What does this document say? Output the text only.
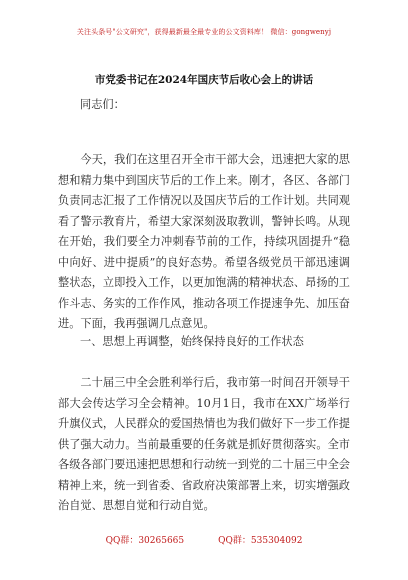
关注头条号"公文研究"，获得最新最全最专业的公文资料库！ 微信：gongwenyj
市党委书记在2024年国庆节后收心会上的讲话
同志们：

今天，我们在这里召开全市干部大会，迅速把大家的思想和精力集中到国庆节后的工作上来。刚才，各区、各部门负责同志汇报了工作情况以及国庆节后的工作计划。共同观看了警示教育片，希望大家深刻汲取教训，警钟长鸣。从现在开始，我们要全力冲刺春节前的工作，持续巩固提升“稳中向好、进中提质”的良好态势。希望各级党员干部迅速调整状态，立即投入工作，以更加饱满的精神状态、昂扬的工作斗志、务实的工作作风，推动各项工作提速争先、加压奋进。下面，我再强调几点意见。

一、思想上再调整，始终保持良好的工作状态

二十届三中全会胜利举行后，我市第一时间召开领导干部大会传达学习全会精神。10月1日，我市在XX广场举行升旗仪式，人民群众的爱国热情也为我们做好下一步工作提供了强大动力。当前最重要的任务就是抓好贯彻落实。全市各级各部门要迅速把思想和行动统一到党的二十届三中全会精神上来，统一到省委、省政府决策部署上来，切实增强政治自觉、思想自觉和行动自觉。

QQ群：30265665	QQ群：535304092
